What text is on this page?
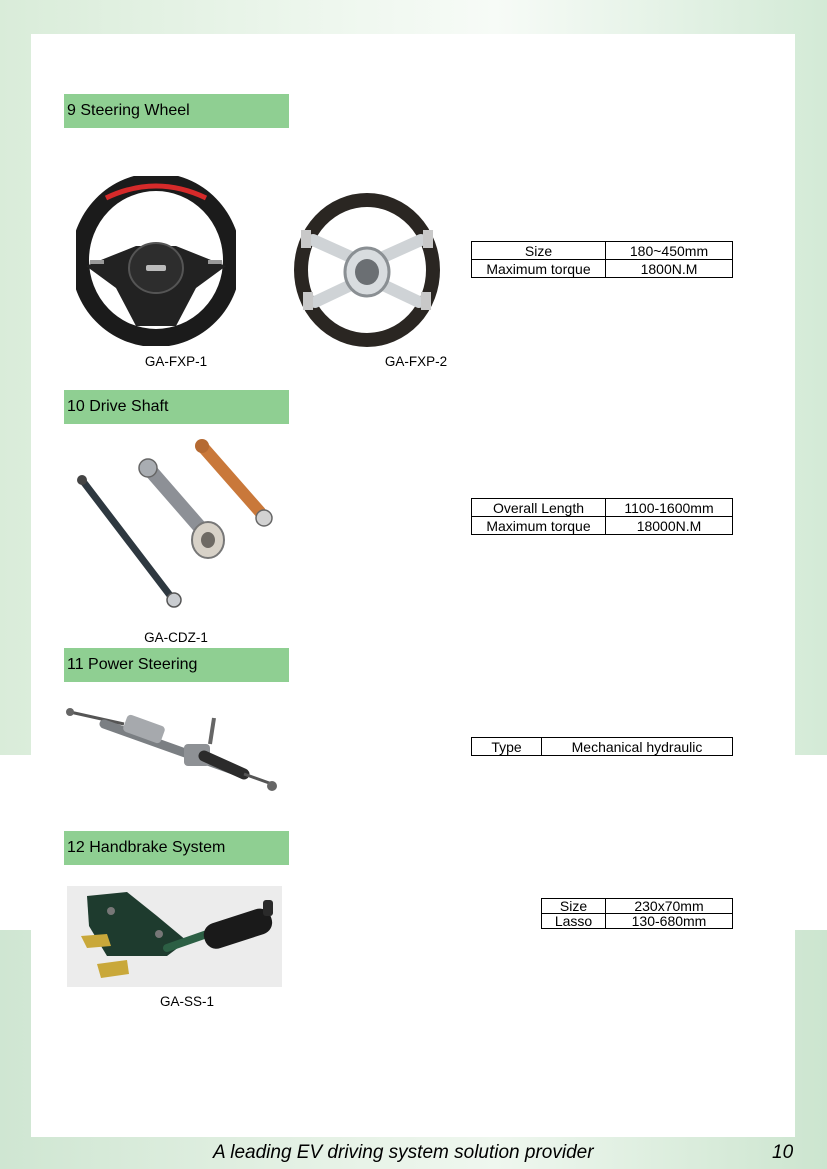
9 Steering Wheel
GA-FXP-1	GA-FXP-2
Size	180~450mm
Maximum torque	1800N.M
10 Drive Shaft
GA-CDZ-1
Overall Length	1100-1600mm
Maximum torque	18000N.M
11 Power Steering
Type	Mechanical hydraulic
12 Handbrake System
GA-SS-1
Size	230x70mm
Lasso	130-680mm
A leading EV driving system solution provider	10
